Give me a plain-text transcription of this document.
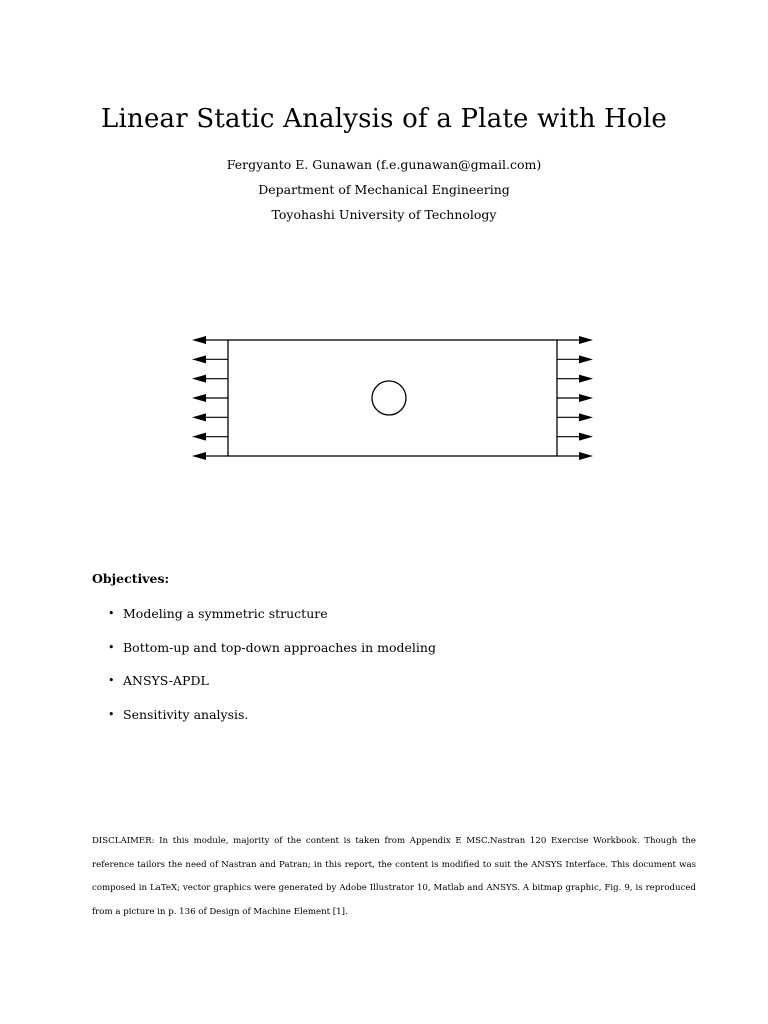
Linear Static Analysis of a Plate with Hole
Fergyanto E. Gunawan (f.e.gunawan@gmail.com)
Department of Mechanical Engineering
Toyohashi University of Technology
Objectives:
• Modeling a symmetric structure
• Bottom-up and top-down approaches in modeling
• ANSYS-APDL
• Sensitivity analysis.
DISCLAIMER: In this module, majority of the content is taken from Appendix E MSC.Nastran 120 Exercise Workbook. Though the reference tailors the need of Nastran and Patran; in this report, the content is modified to suit the ANSYS Interface. This document was composed in LaTeX; vector graphics were generated by Adobe Illustrator 10, Matlab and ANSYS. A bitmap graphic, Fig. 9, is reproduced from a picture in p. 136 of Design of Machine Element [1].
